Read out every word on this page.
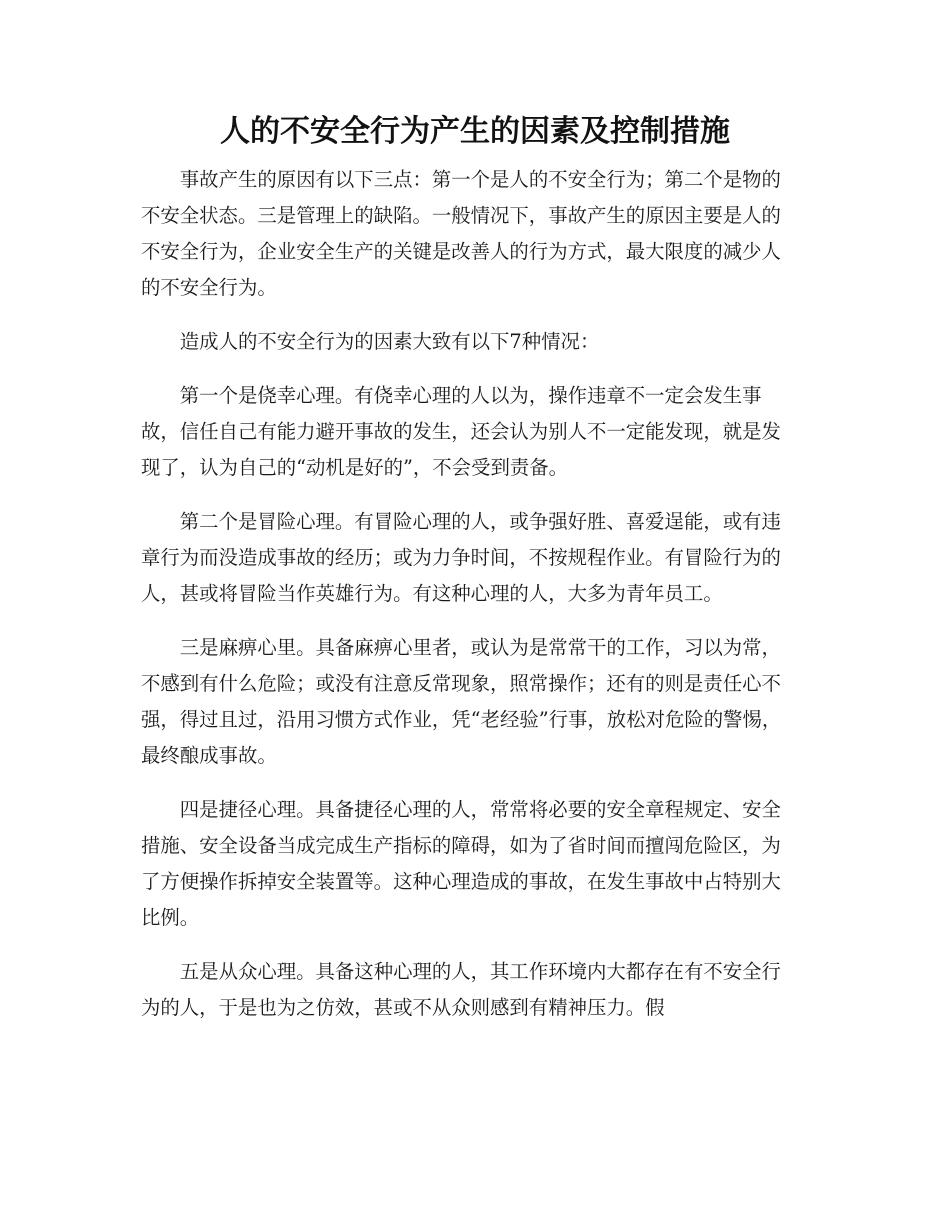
人的不安全行为产生的因素及控制措施

事故产生的原因有以下三点：第一个是人的不安全行为；第二个是物的不安全状态。三是管理上的缺陷。一般情况下，事故产生的原因主要是人的不安全行为，企业安全生产的关键是改善人的行为方式，最大限度的减少人的不安全行为。

造成人的不安全行为的因素大致有以下7种情况：

第一个是侥幸心理。有侥幸心理的人以为，操作违章不一定会发生事故，信任自己有能力避开事故的发生，还会认为别人不一定能发现，就是发现了，认为自己的“动机是好的”，不会受到责备。

第二个是冒险心理。有冒险心理的人，或争强好胜、喜爱逞能，或有违章行为而没造成事故的经历；或为力争时间，不按规程作业。有冒险行为的人，甚或将冒险当作英雄行为。有这种心理的人，大多为青年员工。

三是麻痹心里。具备麻痹心里者，或认为是常常干的工作，习以为常，不感到有什么危险；或没有注意反常现象，照常操作；还有的则是责任心不强，得过且过，沿用习惯方式作业，凭“老经验”行事，放松对危险的警惕，最终酿成事故。

四是捷径心理。具备捷径心理的人，常常将必要的安全章程规定、安全措施、安全设备当成完成生产指标的障碍，如为了省时间而擅闯危险区，为了方便操作拆掉安全装置等。这种心理造成的事故，在发生事故中占特别大比例。

五是从众心理。具备这种心理的人，其工作环境内大都存在有不安全行为的人，于是也为之仿效，甚或不从众则感到有精神压力。假
